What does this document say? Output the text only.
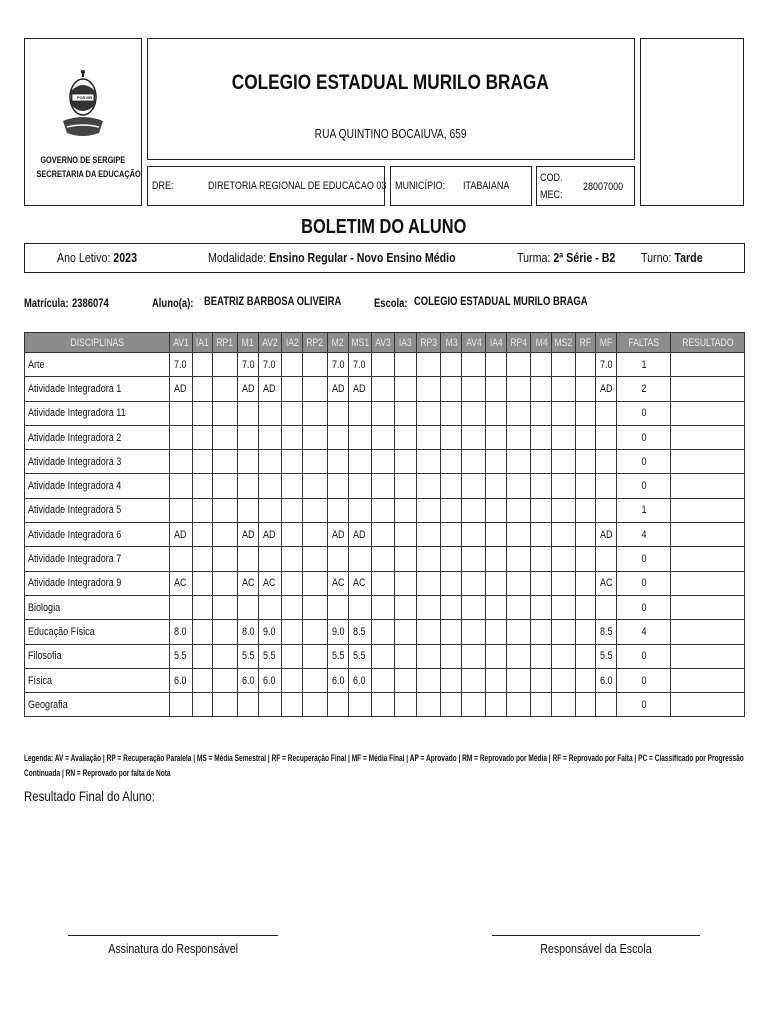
POSVIR
GOVERNO DE SERGIPE
SECRETARIA DA EDUCAÇÃO
COLEGIO ESTADUAL MURILO BRAGA
RUA QUINTINO BOCAIUVA, 659
DRE:	DIRETORIA REGIONAL DE EDUCACAO 03 MUNICÍPIO:	ITABAIANA
COD.
MEC:
28007000
BOLETIM DO ALUNO
Ano Letivo: 2023	Modalidade: Ensino Regular - Novo Ensino Médio	Turma: 2ª Série - B2	Turno: Tarde
Matrícula: 2386074	Aluno(a): BEATRIZ BARBOSA OLIVEIRA	Escola: COLEGIO ESTADUAL MURILO BRAGA
DISCIPLINAS	AV1	IA1	RP1	M1	AV2	IA2	RP2	M2	MS1	AV3	IA3	RP3	M3	AV4	IA4	RP4	M4	MS2	RF	MF	FALTAS	RESULTADO
Arte	7.0			7.0	7.0			7.0	7.0											7.0	1	
Atividade Integradora 1	AD			AD	AD			AD	AD											AD	2	
Atividade Integradora 11																					0	
Atividade Integradora 2																					0	
Atividade Integradora 3																					0	
Atividade Integradora 4																					0	
Atividade Integradora 5																					1	
Atividade Integradora 6	AD			AD	AD			AD	AD											AD	4	
Atividade Integradora 7																					0	
Atividade Integradora 9	AC			AC	AC			AC	AC											AC	0	
Biologia																					0	
Educação Física	8.0			8.0	9.0			9.0	8.5											8.5	4	
Filosofia	5.5			5.5	5.5			5.5	5.5											5.5	0	
Física	6.0			6.0	6.0			6.0	6.0											6.0	0	
Geografia																					0	
Legenda: AV = Avaliação | RP = Recuperação Paralela | MS = Média Semestral | RF = Recuperação Final | MF = Média Final | AP = Aprovado | RM = Reprovado por Média | RF = Reprovado por Falta | PC = Classificado por Progressão
Continuada | RN = Reprovado por falta de Nota
Resultado Final do Aluno:
Assinatura do Responsável	Responsável da Escola
